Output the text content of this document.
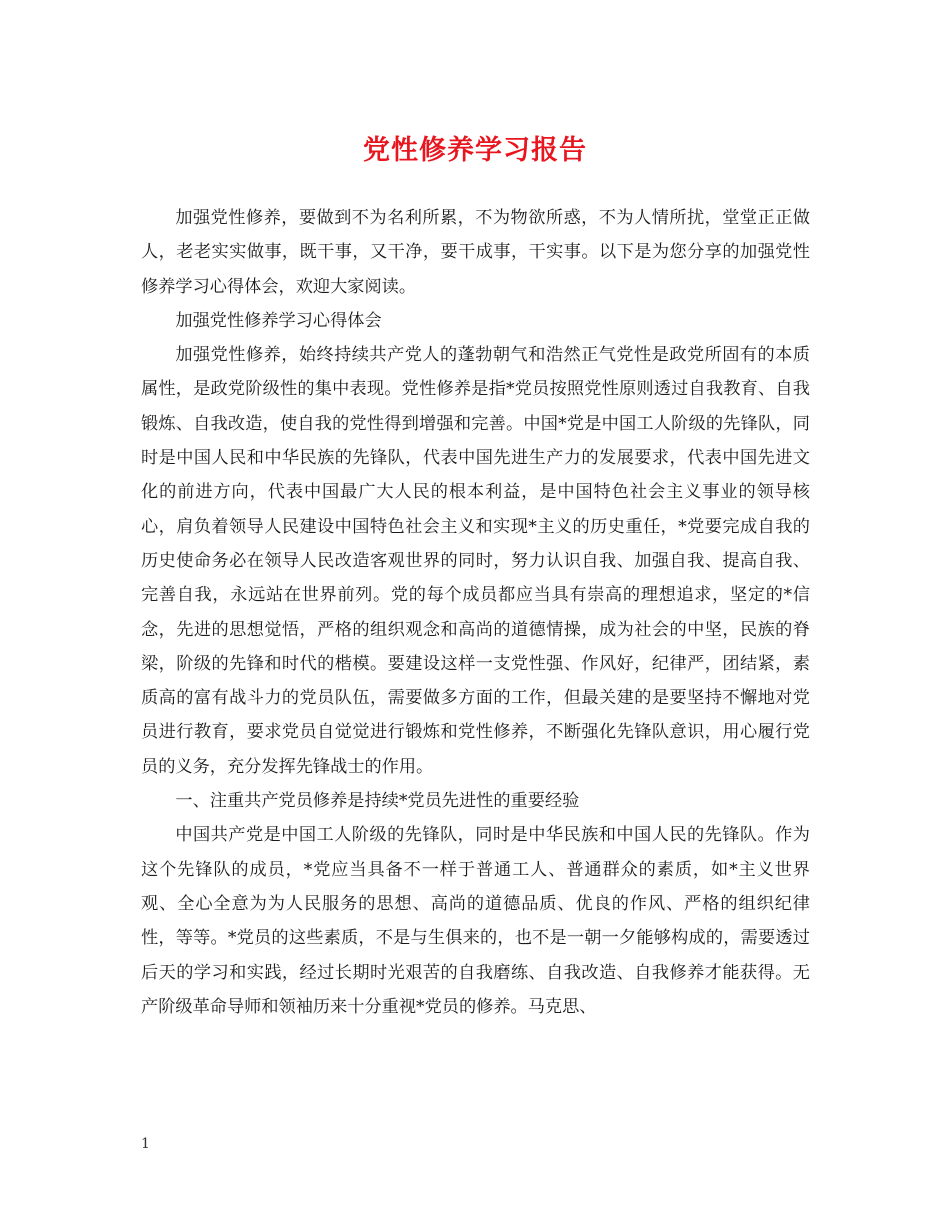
党性修养学习报告

加强党性修养，要做到不为名利所累，不为物欲所惑，不为人情所扰，堂堂正正做人，老老实实做事，既干事，又干净，要干成事，干实事。以下是为您分享的加强党性修养学习心得体会，欢迎大家阅读。

加强党性修养学习心得体会

加强党性修养，始终持续共产党人的蓬勃朝气和浩然正气党性是政党所固有的本质属性，是政党阶级性的集中表现。党性修养是指*党员按照党性原则透过自我教育、自我锻炼、自我改造，使自我的党性得到增强和完善。中国*党是中国工人阶级的先锋队，同时是中国人民和中华民族的先锋队，代表中国先进生产力的发展要求，代表中国先进文化的前进方向，代表中国最广大人民的根本利益，是中国特色社会主义事业的领导核心，肩负着领导人民建设中国特色社会主义和实现*主义的历史重任，*党要完成自我的历史使命务必在领导人民改造客观世界的同时，努力认识自我、加强自我、提高自我、完善自我，永远站在世界前列。党的每个成员都应当具有崇高的理想追求，坚定的*信念，先进的思想觉悟，严格的组织观念和高尚的道德情操，成为社会的中坚，民族的脊梁，阶级的先锋和时代的楷模。要建设这样一支党性强、作风好，纪律严，团结紧，素质高的富有战斗力的党员队伍，需要做多方面的工作，但最关建的是要坚持不懈地对党员进行教育，要求党员自觉觉进行锻炼和党性修养，不断强化先锋队意识，用心履行党员的义务，充分发挥先锋战士的作用。

一、注重共产党员修养是持续*党员先进性的重要经验

中国共产党是中国工人阶级的先锋队，同时是中华民族和中国人民的先锋队。作为这个先锋队的成员，*党应当具备不一样于普通工人、普通群众的素质，如*主义世界观、全心全意为为人民服务的思想、高尚的道德品质、优良的作风、严格的组织纪律性，等等。*党员的这些素质，不是与生俱来的，也不是一朝一夕能够构成的，需要透过后天的学习和实践，经过长期时光艰苦的自我磨练、自我改造、自我修养才能获得。无产阶级革命导师和领袖历来十分重视*党员的修养。马克思、

1
